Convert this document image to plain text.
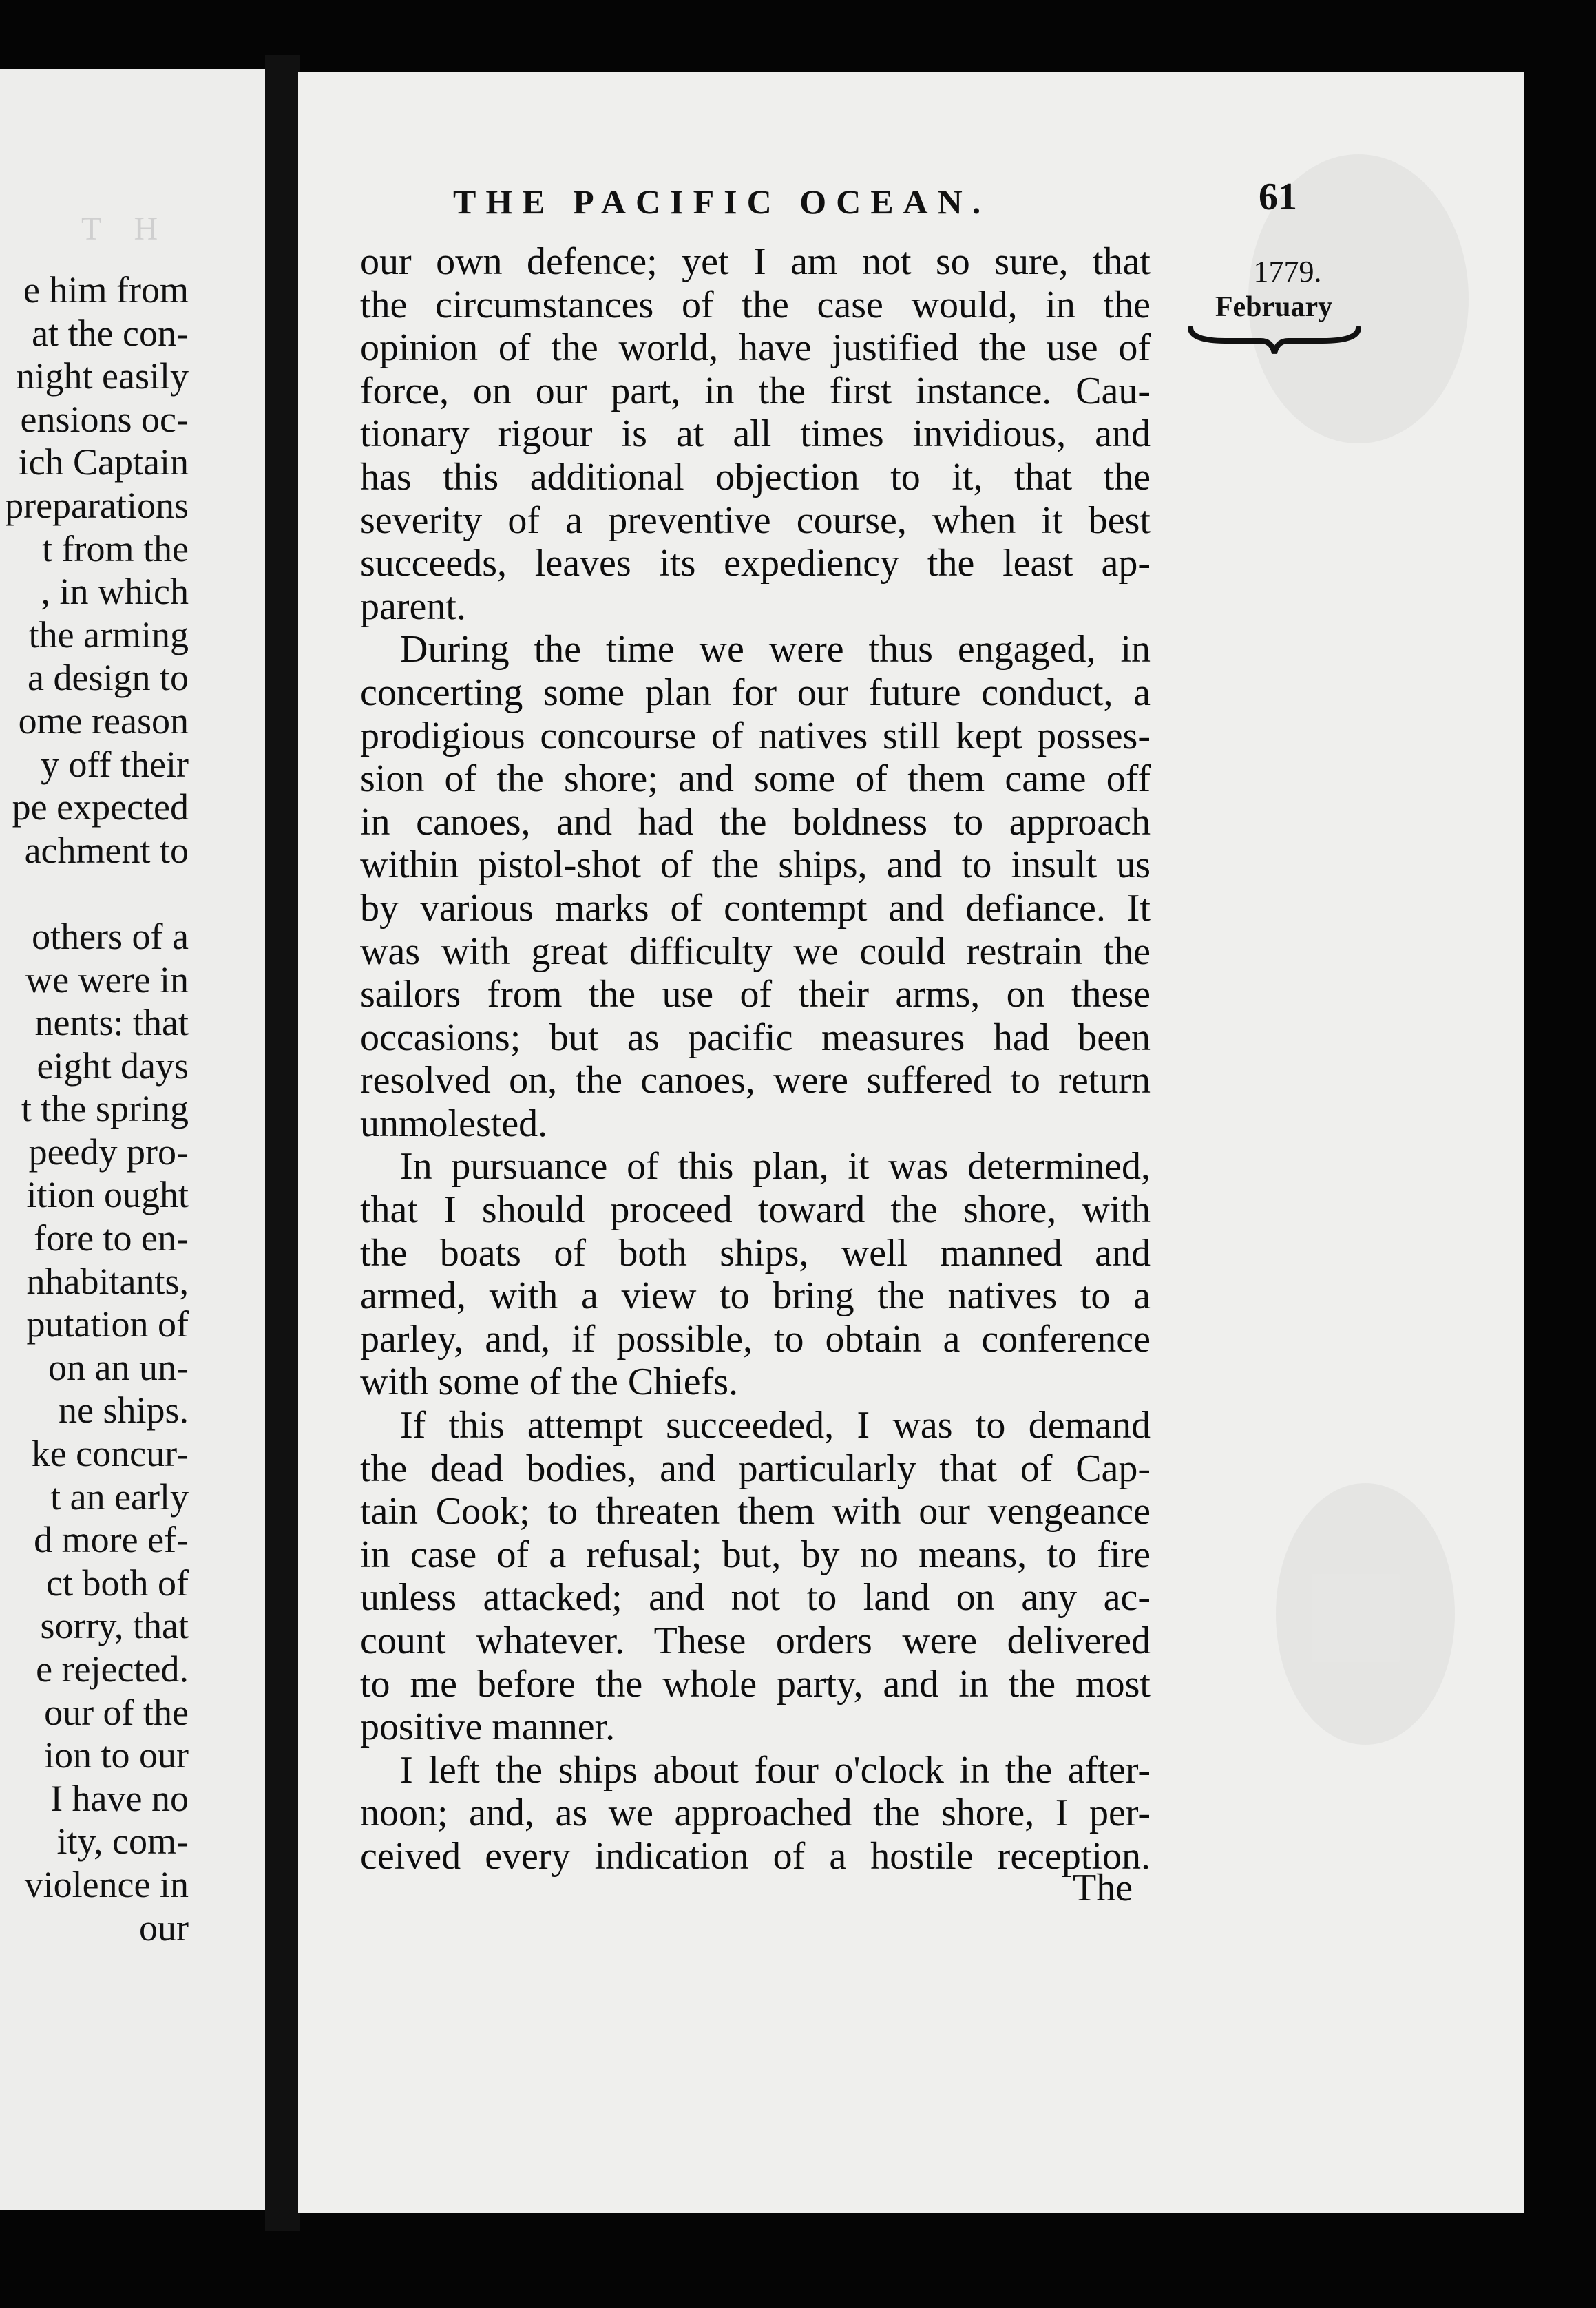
T H
e him from
at the con-
night easily
ensions oc-
ich Captain
preparations
t from the
, in which
the arming
a design to
ome reason
y off their
pe expected
achment to

others of a
we were in
nents: that
eight days
t the spring
peedy pro-
ition ought
fore to en-
nhabitants,
putation of
on an un-
ne ships.
ke concur-
t an early
d more ef-
ct both of
sorry, that
e rejected.
our of the
ion to our
I have no
ity, com-
violence in
our
THE PACIFIC OCEAN.	61
1779.
February
our own defence; yet I am not so sure, that
the circumstances of the case would, in the
opinion of the world, have justified the use of
force, on our part, in the first instance. Cau-
tionary rigour is at all times invidious, and
has this additional objection to it, that the
severity of a preventive course, when it best
succeeds, leaves its expediency the least ap-
parent.
During the time we were thus engaged, in
concerting some plan for our future conduct, a
prodigious concourse of natives still kept posses-
sion of the shore; and some of them came off
in canoes, and had the boldness to approach
within pistol-shot of the ships, and to insult us
by various marks of contempt and defiance. It
was with great difficulty we could restrain the
sailors from the use of their arms, on these
occasions; but as pacific measures had been
resolved on, the canoes, were suffered to return
unmolested.
In pursuance of this plan, it was determined,
that I should proceed toward the shore, with
the boats of both ships, well manned and
armed, with a view to bring the natives to a
parley, and, if possible, to obtain a conference
with some of the Chiefs.
If this attempt succeeded, I was to demand
the dead bodies, and particularly that of Cap-
tain Cook; to threaten them with our vengeance
in case of a refusal; but, by no means, to fire
unless attacked; and not to land on any ac-
count whatever. These orders were delivered
to me before the whole party, and in the most
positive manner.
I left the ships about four o'clock in the after-
noon; and, as we approached the shore, I per-
ceived every indication of a hostile reception.
The
